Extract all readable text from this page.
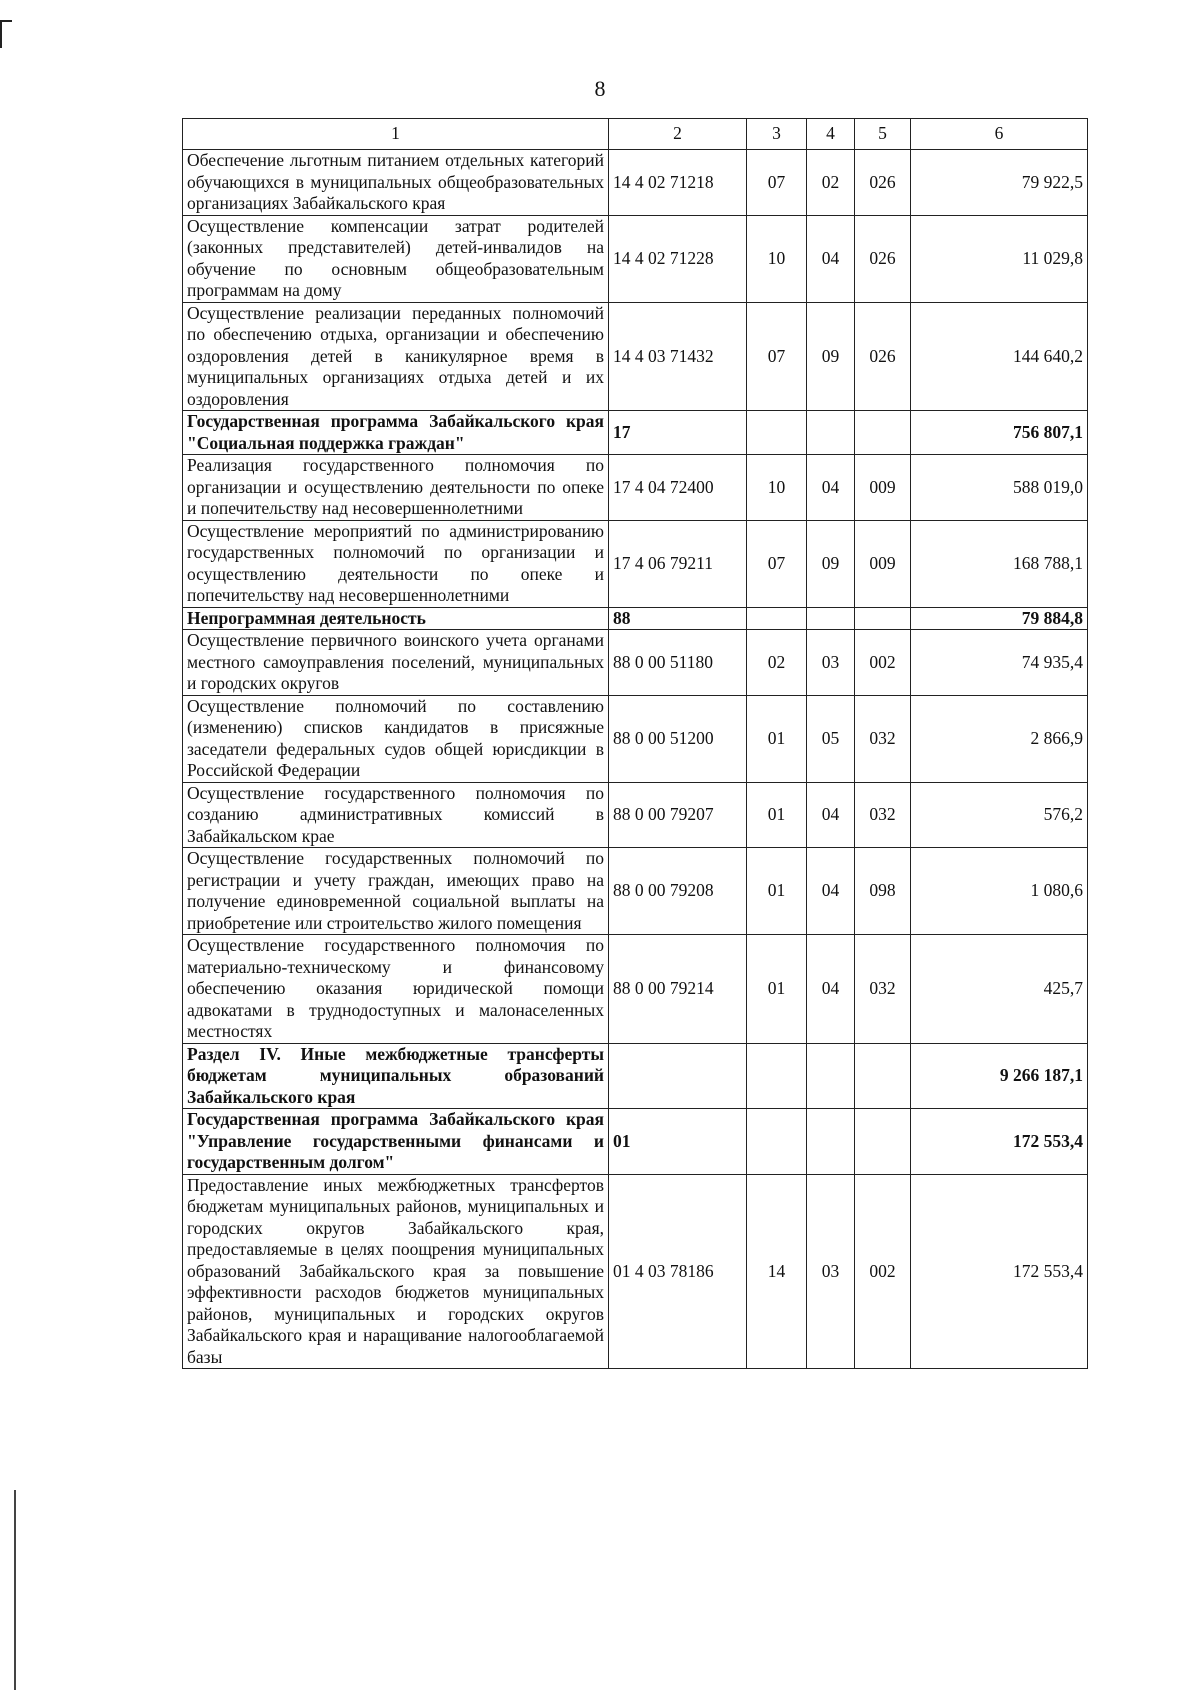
8
1	2	3	4	5	6
Обеспечение льготным питанием отдельных категорий обучающихся в муниципальных общеобразовательных организациях Забайкальского края	14 4 02 71218	07	02	026	79 922,5
Осуществление компенсации затрат родителей (законных представителей) детей-инвалидов на обучение по основным общеобразовательным программам на дому	14 4 02 71228	10	04	026	11 029,8
Осуществление реализации переданных полномочий по обеспечению отдыха, организации и обеспечению оздоровления детей в каникулярное время в муниципальных организациях отдыха детей и их оздоровления	14 4 03 71432	07	09	026	144 640,2
Государственная программа Забайкальского края "Социальная поддержка граждан"	17				756 807,1
Реализация государственного полномочия по организации и осуществлению деятельности по опеке и попечительству над несовершеннолетними	17 4 04 72400	10	04	009	588 019,0
Осуществление мероприятий по администрированию государственных полномочий по организации и осуществлению деятельности по опеке и попечительству над несовершеннолетними	17 4 06 79211	07	09	009	168 788,1
Непрограммная деятельность	88				79 884,8
Осуществление первичного воинского учета органами местного самоуправления поселений, муниципальных и городских округов	88 0 00 51180	02	03	002	74 935,4
Осуществление полномочий по составлению (изменению) списков кандидатов в присяжные заседатели федеральных судов общей юрисдикции в Российской Федерации	88 0 00 51200	01	05	032	2 866,9
Осуществление государственного полномочия по созданию административных комиссий в Забайкальском крае	88 0 00 79207	01	04	032	576,2
Осуществление государственных полномочий по регистрации и учету граждан, имеющих право на получение единовременной социальной выплаты на приобретение или строительство жилого помещения	88 0 00 79208	01	04	098	1 080,6
Осуществление государственного полномочия по материально-техническому и финансовому обеспечению оказания юридической помощи адвокатами в труднодоступных и малонаселенных местностях	88 0 00 79214	01	04	032	425,7
Раздел IV. Иные межбюджетные трансферты бюджетам муниципальных образований Забайкальского края					9 266 187,1
Государственная программа Забайкальского края "Управление государственными финансами и государственным долгом"	01				172 553,4
Предоставление иных межбюджетных трансфертов бюджетам муниципальных районов, муниципальных и городских округов Забайкальского края, предоставляемые в целях поощрения муниципальных образований Забайкальского края за повышение эффективности расходов бюджетов муниципальных районов, муниципальных и городских округов Забайкальского края и наращивание налогооблагаемой базы	01 4 03 78186	14	03	002	172 553,4
